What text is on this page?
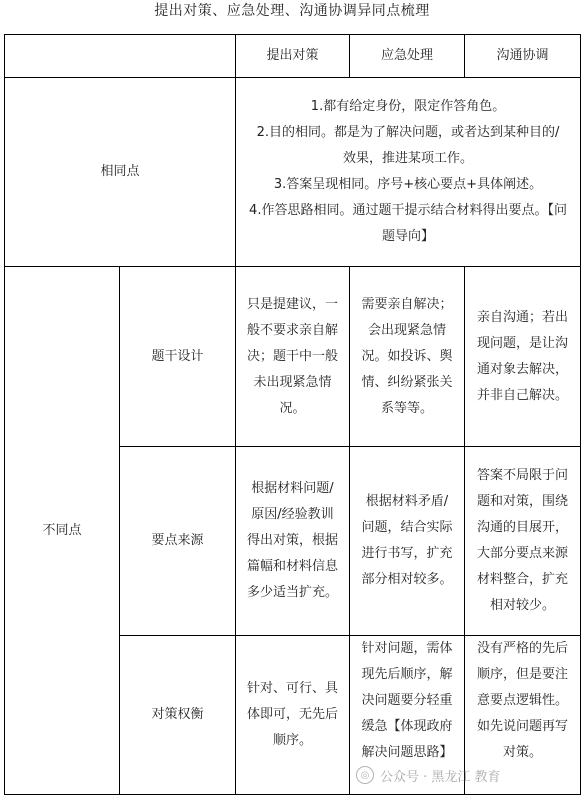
提出对策、应急处理、沟通协调异同点梳理
提出对策	应急处理	沟通协调
相同点
1.都有给定身份，限定作答角色。
2.目的相同。都是为了解决问题，或者达到某种目的/
效果，推进某项工作。
3.答案呈现相同。序号+核心要点+具体阐述。
4.作答思路相同。通过题干提示结合材料得出要点。【问
题导向】
不同点
题干设计
只是提建议，一
般不要求亲自解
决；题干中一般
未出现紧急情
况。
需要亲自解决；
会出现紧急情
况。如投诉、舆
情、纠纷紧张关
系等等。
亲自沟通；若出
现问题，是让沟
通对象去解决，
并非自己解决。
要点来源
根据材料问题/
原因/经验教训
得出对策，根据
篇幅和材料信息
多少适当扩充。
根据材料矛盾/
问题，结合实际
进行书写，扩充
部分相对较多。
答案不局限于问
题和对策，围绕
沟通的目展开，
大部分要点来源
材料整合，扩充
相对较少。
对策权衡
针对、可行、具
体即可，无先后
顺序。
针对问题，需体
现先后顺序，解
决问题要分轻重
缓急【体现政府
解决问题思路】
没有严格的先后
顺序，但是要注
意要点逻辑性。
如先说问题再写
对策。
◎ 公众号 · 黑龙江 教育
